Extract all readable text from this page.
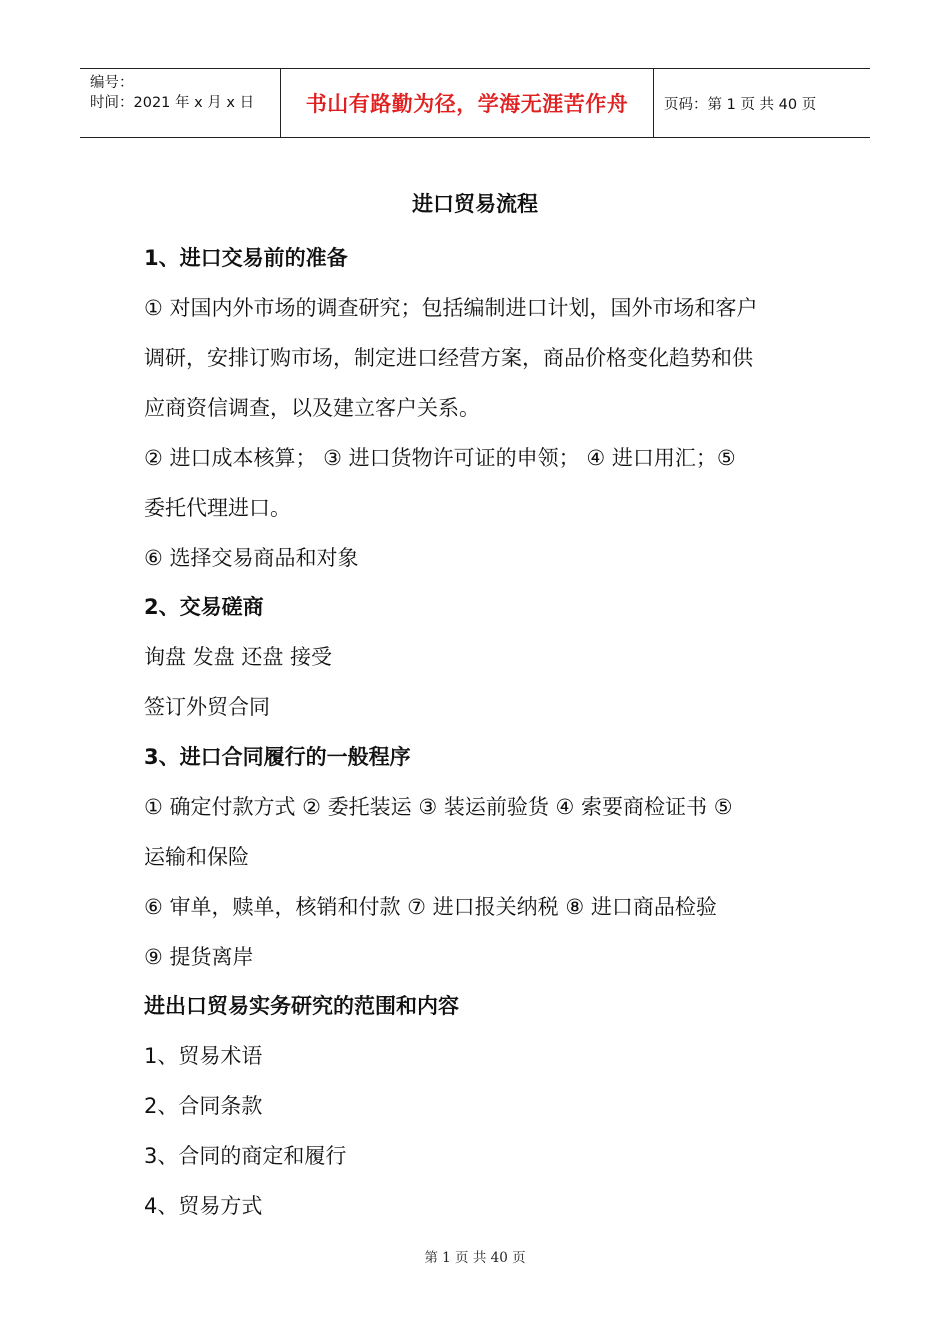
编号：
时间：2021 年 x 月 x 日	书山有路勤为径，学海无涯苦作舟	页码：第 1 页 共 40 页
进口贸易流程
1、进口交易前的准备
① 对国内外市场的调查研究；包括编制进口计划，国外市场和客户
调研，安排订购市场，制定进口经营方案，商品价格变化趋势和供
应商资信调查，以及建立客户关系。
② 进口成本核算； ③ 进口货物许可证的申领； ④ 进口用汇；⑤
委托代理进口。
⑥ 选择交易商品和对象
2、交易磋商
询盘 发盘 还盘 接受
签订外贸合同
3、进口合同履行的一般程序
① 确定付款方式 ② 委托装运 ③ 装运前验货 ④ 索要商检证书 ⑤
运输和保险
⑥ 审单，赎单，核销和付款 ⑦ 进口报关纳税 ⑧ 进口商品检验
⑨ 提货离岸
进出口贸易实务研究的范围和内容
1、贸易术语
2、合同条款
3、合同的商定和履行
4、贸易方式
第 1 页 共 40 页
